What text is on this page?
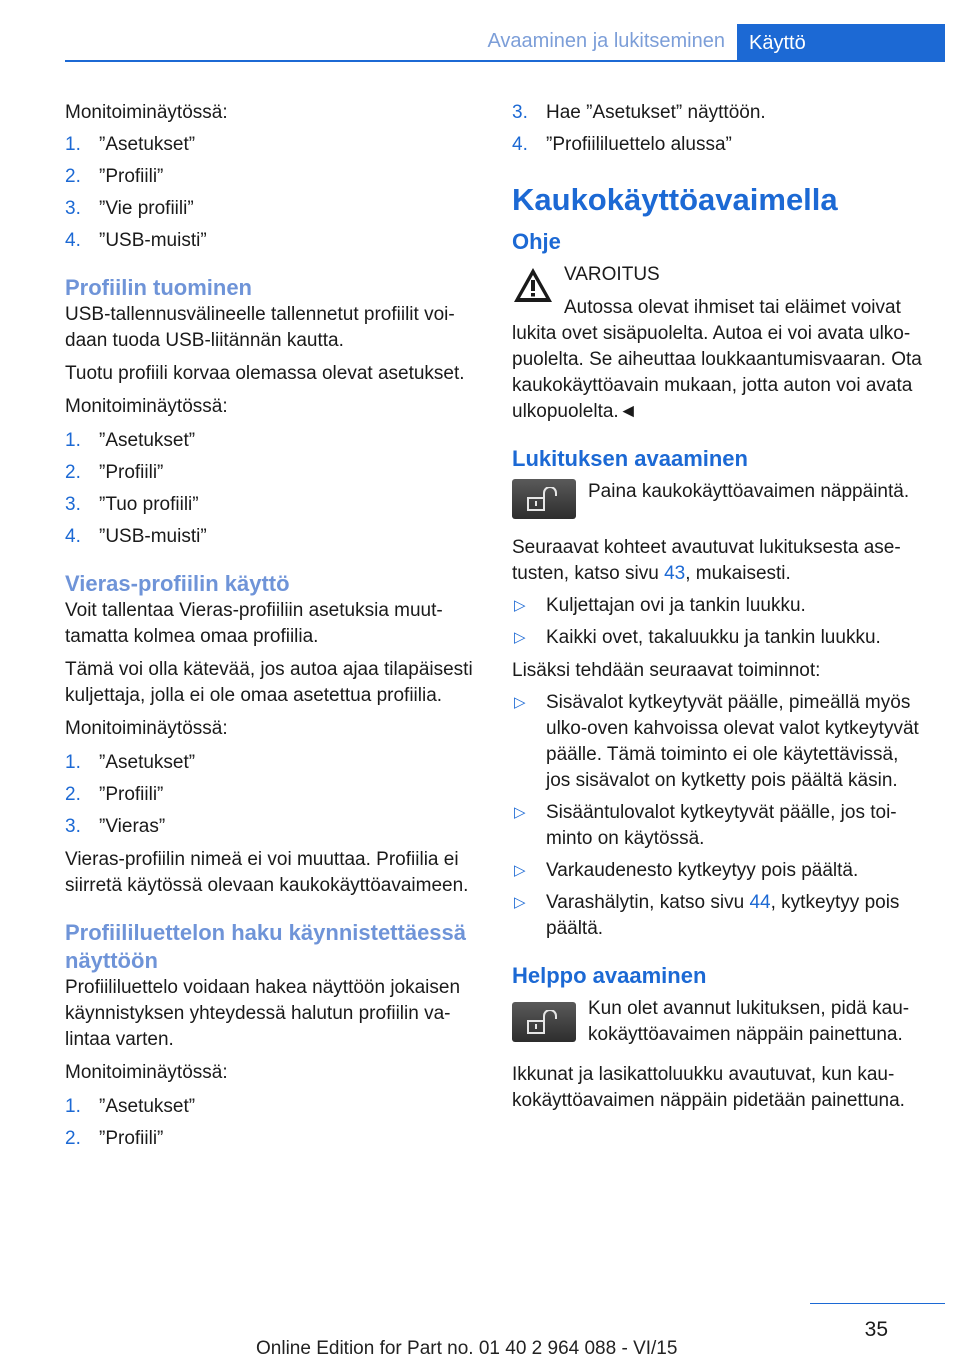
Avaaminen ja lukitseminen	Käyttö

Monitoiminäytössä:

1. ”Asetukset”
2. ”Profiili”
3. ”Vie profiili”
4. ”USB-muisti”
Profiilin tuominen

USB-tallennusvälineelle tallennetut profiilit voidaan tuoda USB-liitännän kautta.

Tuotu profiili korvaa olemassa olevat asetukset.

Monitoiminäytössä:

1. ”Asetukset”
2. ”Profiili”
3. ”Tuo profiili”
4. ”USB-muisti”
Vieras-profiilin käyttö

Voit tallentaa Vieras-profiiliin asetuksia muuttamatta kolmea omaa profiilia.

Tämä voi olla kätevää, jos autoa ajaa tilapäisesti kuljettaja, jolla ei ole omaa asetettua profiilia.

Monitoiminäytössä:

1. ”Asetukset”
2. ”Profiili”
3. ”Vieras”

Vieras-profiilin nimeä ei voi muuttaa. Profiilia ei siirretä käytössä olevaan kaukokäyttöavaimeen.

Profiililuettelon haku käynnistettäessä näyttöön

Profiililuettelo voidaan hakea näyttöön jokaisen käynnistyksen yhteydessä halutun profiilin valintaa varten.

Monitoiminäytössä:

1. ”Asetukset”
2. ”Profiili”
3. Hae ”Asetukset” näyttöön.
4. ”Profiililuettelo alussa”
Kaukokäyttöavaimella
Ohje

VAROITUS

Autossa olevat ihmiset tai eläimet voivat

lukita ovet sisäpuolelta. Autoa ei voi avata ulkopuolelta. Se aiheuttaa loukkaantumisvaaran. Ota kaukokäyttöavain mukaan, jotta auton voi avata ulkopuolelta.◄

Lukituksen avaaminen

Paina kaukokäyttöavaimen näppäintä.

Seuraavat kohteet avautuvat lukituksesta asetusten, katso sivu 43, mukaisesti.

▷ Kuljettajan ovi ja tankin luukku.
▷ Kaikki ovet, takaluukku ja tankin luukku.

Lisäksi tehdään seuraavat toiminnot:

▷ Sisävalot kytkeytyvät päälle, pimeällä myös ulko-oven kahvoissa olevat valot kytkeytyvät päälle. Tämä toiminto ei ole käytettävissä, jos sisävalot on kytketty pois päältä käsin.
▷ Sisääntulovalot kytkeytyvät päälle, jos toiminto on käytössä.
▷ Varkaudenesto kytkeytyy pois päältä.
▷ Varashälytin, katso sivu 44, kytkeytyy pois päältä.
Helppo avaaminen

Kun olet avannut lukituksen, pidä kaukokäyttöavaimen näppäin painettuna.

Ikkunat ja lasikattoluukku avautuvat, kun kaukokäyttöavaimen näppäin pidetään painettuna.

35
Online Edition for Part no. 01 40 2 964 088 - VI/15
